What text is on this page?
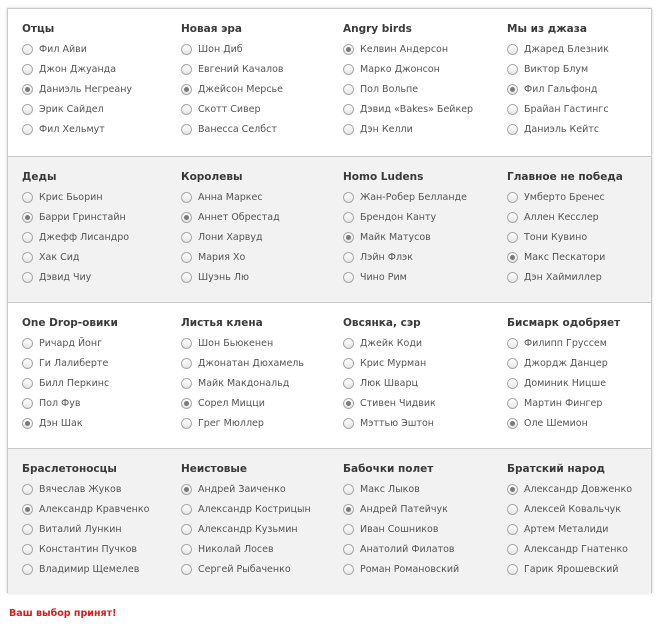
Отцы
Фил Айви
Джон Джуанда
Даниэль Негреану
Эрик Сайдел
Фил Хельмут
Новая эра
Шон Диб
Евгений Качалов
Джейсон Мерсье
Скотт Сивер
Ванесса Селбст
Angry birds
Келвин Андерсон
Марко Джонсон
Пол Вольпе
Дэвид «Bakes» Бейкер
Дэн Келли
Мы из джаза
Джаред Блезник
Виктор Блум
Фил Гальфонд
Брайан Гастингс
Даниэль Кейтс
Деды
Крис Бьорин
Барри Гринстайн
Джефф Лисандро
Хак Сид
Дэвид Чиу
Королевы
Анна Маркес
Аннет Обрестад
Лони Харвуд
Мария Хо
Шуэнь Лю
Homo Ludens
Жан-Робер Белланде
Брендон Канту
Майк Матусов
Лэйн Флэк
Чино Рим
Главное не победа
Умберто Бренес
Аллен Кесслер
Тони Кувино
Макс Пескатори
Дэн Хаймиллер
One Drop-овики
Ричард Йонг
Ги Лалиберте
Билл Перкинс
Пол Фув
Дэн Шак
Листья клена
Шон Бьюкенен
Джонатан Дюхамель
Майк Макдональд
Сорел Мицци
Грег Мюллер
Овсянка, сэр
Джейк Коди
Крис Мурман
Люк Шварц
Стивен Чидвик
Мэттью Эштон
Бисмарк одобряет
Филипп Груссем
Джордж Данцер
Доминик Ницше
Мартин Фингер
Оле Шемион
Браслетоносцы
Вячеслав Жуков
Александр Кравченко
Виталий Лункин
Константин Пучков
Владимир Щемелев
Неистовые
Андрей Заиченко
Александр Кострицын
Александр Кузьмин
Николай Лосев
Сергей Рыбаченко
Бабочки полет
Макс Лыков
Андрей Патейчук
Иван Сошников
Анатолий Филатов
Роман Романовский
Братский народ
Александр Довженко
Алексей Ковальчук
Артем Металиди
Александр Гнатенко
Гарик Ярошевский
Ваш выбор принят!
